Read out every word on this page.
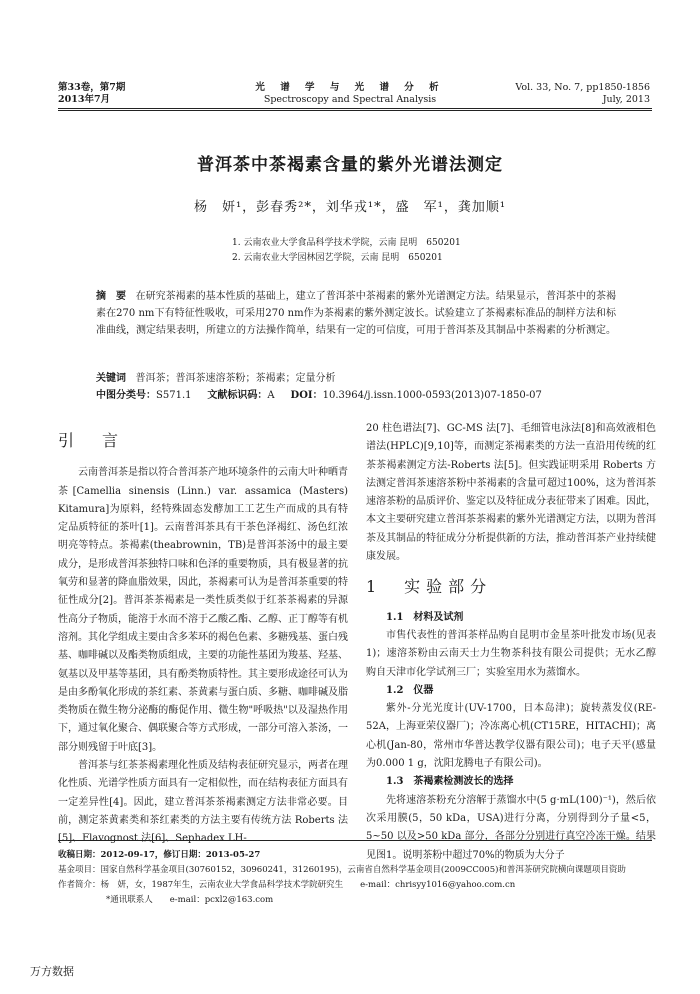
第33卷，第7期
2013年7月
光 谱 学 与 光 谱 分 析
Spectroscopy and Spectral Analysis
Vol. 33, No. 7, pp1850-1856
July, 2013
普洱茶中茶褐素含量的紫外光谱法测定
杨　妍¹，彭春秀²*，刘华戎¹*，盛　军¹，龚加顺¹
1. 云南农业大学食品科学技术学院，云南 昆明　650201
2. 云南农业大学园林园艺学院，云南 昆明　650201
摘　要 在研究茶褐素的基本性质的基础上，建立了普洱茶中茶褐素的紫外光谱测定方法。结果显示，普洱茶中的茶褐素在270 nm下有特征性吸收，可采用270 nm作为茶褐素的紫外测定波长。试验建立了茶褐素标准品的制样方法和标准曲线，测定结果表明，所建立的方法操作简单，结果有一定的可信度，可用于普洱茶及其制品中茶褐素的分析测定。
关键词 普洱茶；普洱茶速溶茶粉；茶褐素；定量分析
中图分类号：S571.1 文献标识码：A DOI：10.3964/j.issn.1000-0593(2013)07-1850-07

引　言

云南普洱茶是指以符合普洱茶产地环境条件的云南大叶种晒青茶[Camellia sinensis (Linn.) var. assamica (Masters) Kitamura]为原料，经特殊固态发酵加工工艺生产而成的具有特定品质特征的茶叶[1]。云南普洱茶具有干茶色泽褐红、汤色红浓明亮等特点。茶褐素(theabrownin，TB)是普洱茶汤中的最主要成分，是形成普洱茶独特口味和色泽的重要物质，具有极显著的抗氧劳和显著的降血脂效果，因此，茶褐素可认为是普洱茶重要的特征性成分[2]。普洱茶茶褐素是一类性质类似于红茶茶褐素的异源性高分子物质，能溶于水而不溶于乙酸乙酯、乙醇、正丁醇等有机溶剂。其化学组成主要由含多苯环的褐色色素、多糖残基、蛋白残基、咖啡碱以及酯类物质组成，主要的功能性基团为羧基、羟基、氨基以及甲基等基团，具有酚类物质特性。其主要形成途径可认为是由多酚氧化形成的茶红素、茶黄素与蛋白质、多糖、咖啡碱及脂类物质在微生物分泌酶的酶促作用、微生物"呼吸热"以及湿热作用下，通过氧化聚合、偶联聚合等方式形成，一部分可溶入茶汤，一部分则残留于叶底[3]。

普洱茶与红茶茶褐素理化性质及结构表征研究显示，两者在理化性质、光谱学性质方面具有一定相似性，而在结构表征方面具有一定差异性[4]。因此，建立普洱茶茶褐素测定方法非常必要。目前，测定茶黄素类和茶红素类的方法主要有传统方法 Roberts 法[5]、Flavognost 法[6]、Sephadex LH-

20 柱色谱法[7]、GC-MS 法[7]、毛细管电泳法[8]和高效液相色谱法(HPLC)[9,10]等，而测定茶褐素类的方法一直沿用传统的红茶茶褐素测定方法-Roberts 法[5]。但实践证明采用 Roberts 方法测定普洱茶速溶茶粉中茶褐素的含量可超过100%，这为普洱茶速溶茶粉的品质评价、鉴定以及特征成分表征带来了困难。因此，本文主要研究建立普洱茶茶褐素的紫外光谱测定方法，以期为普洱茶及其制品的特征成分分析提供新的方法，推动普洱茶产业持续健康发展。

1　实验部分

1.1　材料及试剂

市售代表性的普洱茶样品购自昆明市金星茶叶批发市场(见表1)；速溶茶粉由云南天士力生物茶科技有限公司提供；无水乙醇购自天津市化学试剂三厂；实验室用水为蒸馏水。

1.2　仪器

紫外-分光光度计(UV-1700，日本岛津)；旋转蒸发仪(RE-52A，上海亚荣仪器厂)；冷冻离心机(CT15RE，HITACHI)；离心机(Jan-80，常州市华普达教学仪器有限公司)；电子天平(感量为0.000 1 g，沈阳龙腾电子有限公司)。

1.3　茶褐素检测波长的选择

先将速溶茶粉充分溶解于蒸馏水中(5 g·mL(100)⁻¹)，然后依次采用膜(5，50 kDa，USA)进行分离，分别得到分子量<5，5~50 以及>50 kDa 部分，各部分分别进行真空冷冻干燥。结果见图1。说明茶粉中超过70%的物质为大分子

收稿日期：2012-09-17，修订日期：2013-05-27
基金项目：国家自然科学基金项目(30760152，30960241，31260195)，云南省自然科学基金项目(2009CC005)和普洱茶研究院横向课题项目资助
作者简介：杨　妍，女，1987年生，云南农业大学食品科学技术学院研究生　　e-mail：chrisyy1016@yahoo.com.cn
*通讯联系人　　e-mail：pcxl2@163.com
万方数据
